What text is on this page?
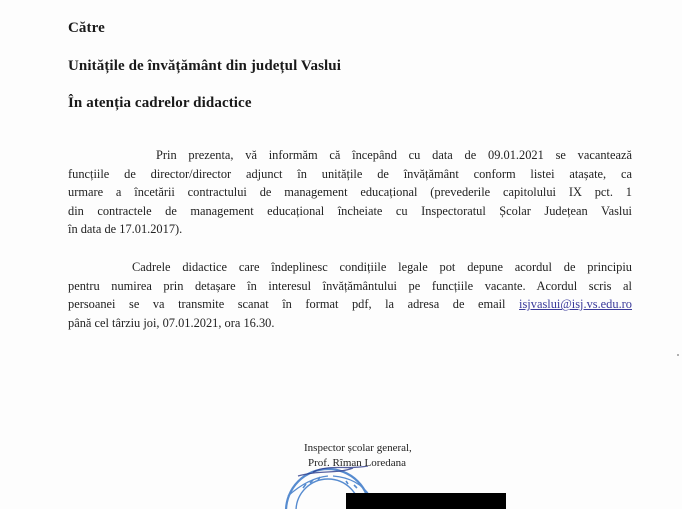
Către
Unitățile de învățământ din județul Vaslui
În atenția cadrelor didactice
Prin prezenta, vă informăm că începând cu data de 09.01.2021 se vacantează
funcțiile de director/director adjunct în unitățile de învățământ conform listei atașate, ca
urmare a încetării contractului de management educațional (prevederile capitolului IX pct. 1
din contractele de management educațional încheiate cu Inspectoratul Școlar Județean Vaslui
în data de 17.01.2017).
Cadrele didactice care îndeplinesc condițiile legale pot depune acordul de principiu
pentru numirea prin detașare în interesul învățământului pe funcțiile vacante. Acordul scris al
persoanei se va transmite scanat în format pdf, la adresa de email isjvaslui@isj.vs.edu.ro
până cel târziu joi, 07.01.2021, ora 16.30.
Inspector școlar general,
Prof. Rîman Loredana
